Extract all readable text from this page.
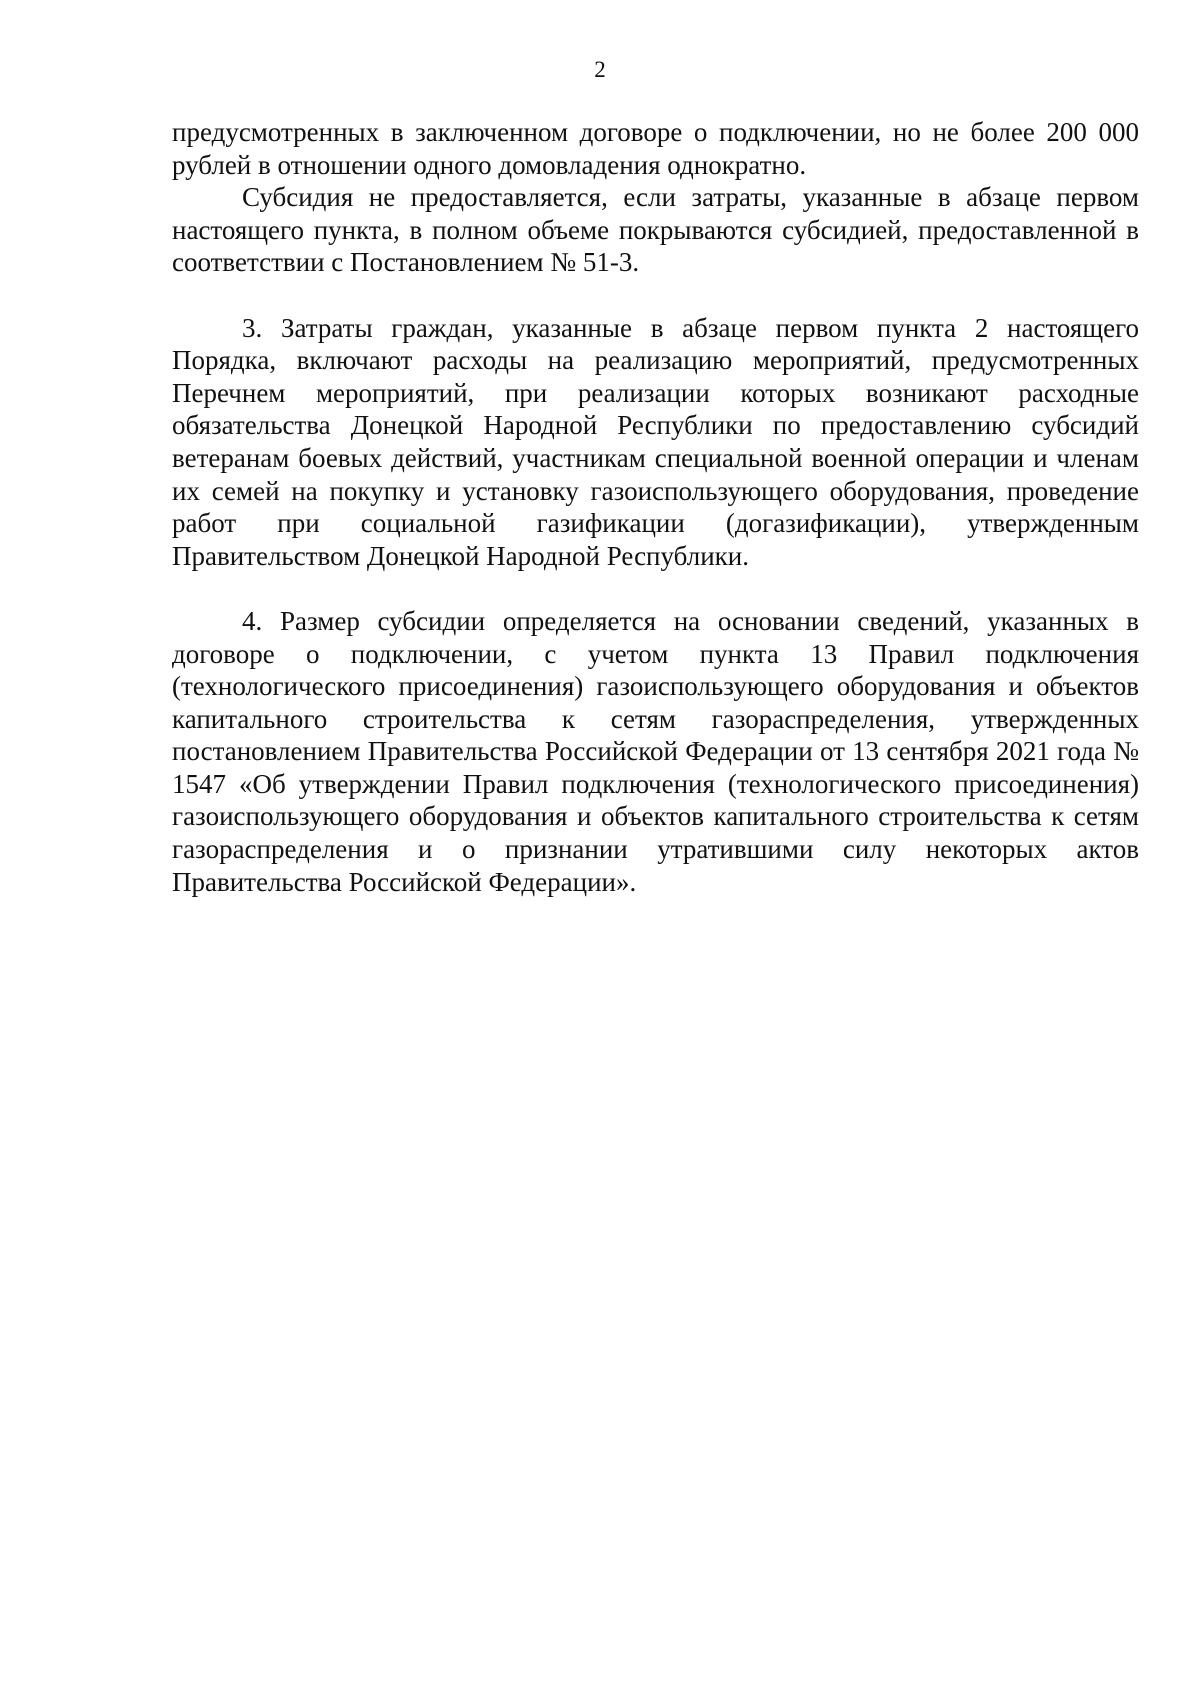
2

предусмотренных в заключенном договоре о подключении, но не более 200 000 рублей в отношении одного домовладения однократно.

Субсидия не предоставляется, если затраты, указанные в абзаце первом настоящего пункта, в полном объеме покрываются субсидией, предоставленной в соответствии с Постановлением № 51-3.

3. Затраты граждан, указанные в абзаце первом пункта 2 настоящего Порядка, включают расходы на реализацию мероприятий, предусмотренных Перечнем мероприятий, при реализации которых возникают расходные обязательства Донецкой Народной Республики по предоставлению субсидий ветеранам боевых действий, участникам специальной военной операции и членам их семей на покупку и установку газоиспользующего оборудования, проведение работ при социальной газификации (догазификации), утвержденным Правительством Донецкой Народной Республики.

4. Размер субсидии определяется на основании сведений, указанных в договоре о подключении, с учетом пункта 13 Правил подключения (технологического присоединения) газоиспользующего оборудования и объектов капитального строительства к сетям газораспределения, утвержденных постановлением Правительства Российской Федерации от 13 сентября 2021 года № 1547 «Об утверждении Правил подключения (технологического присоединения) газоиспользующего оборудования и объектов капитального строительства к сетям газораспределения и о признании утратившими силу некоторых актов Правительства Российской Федерации».
